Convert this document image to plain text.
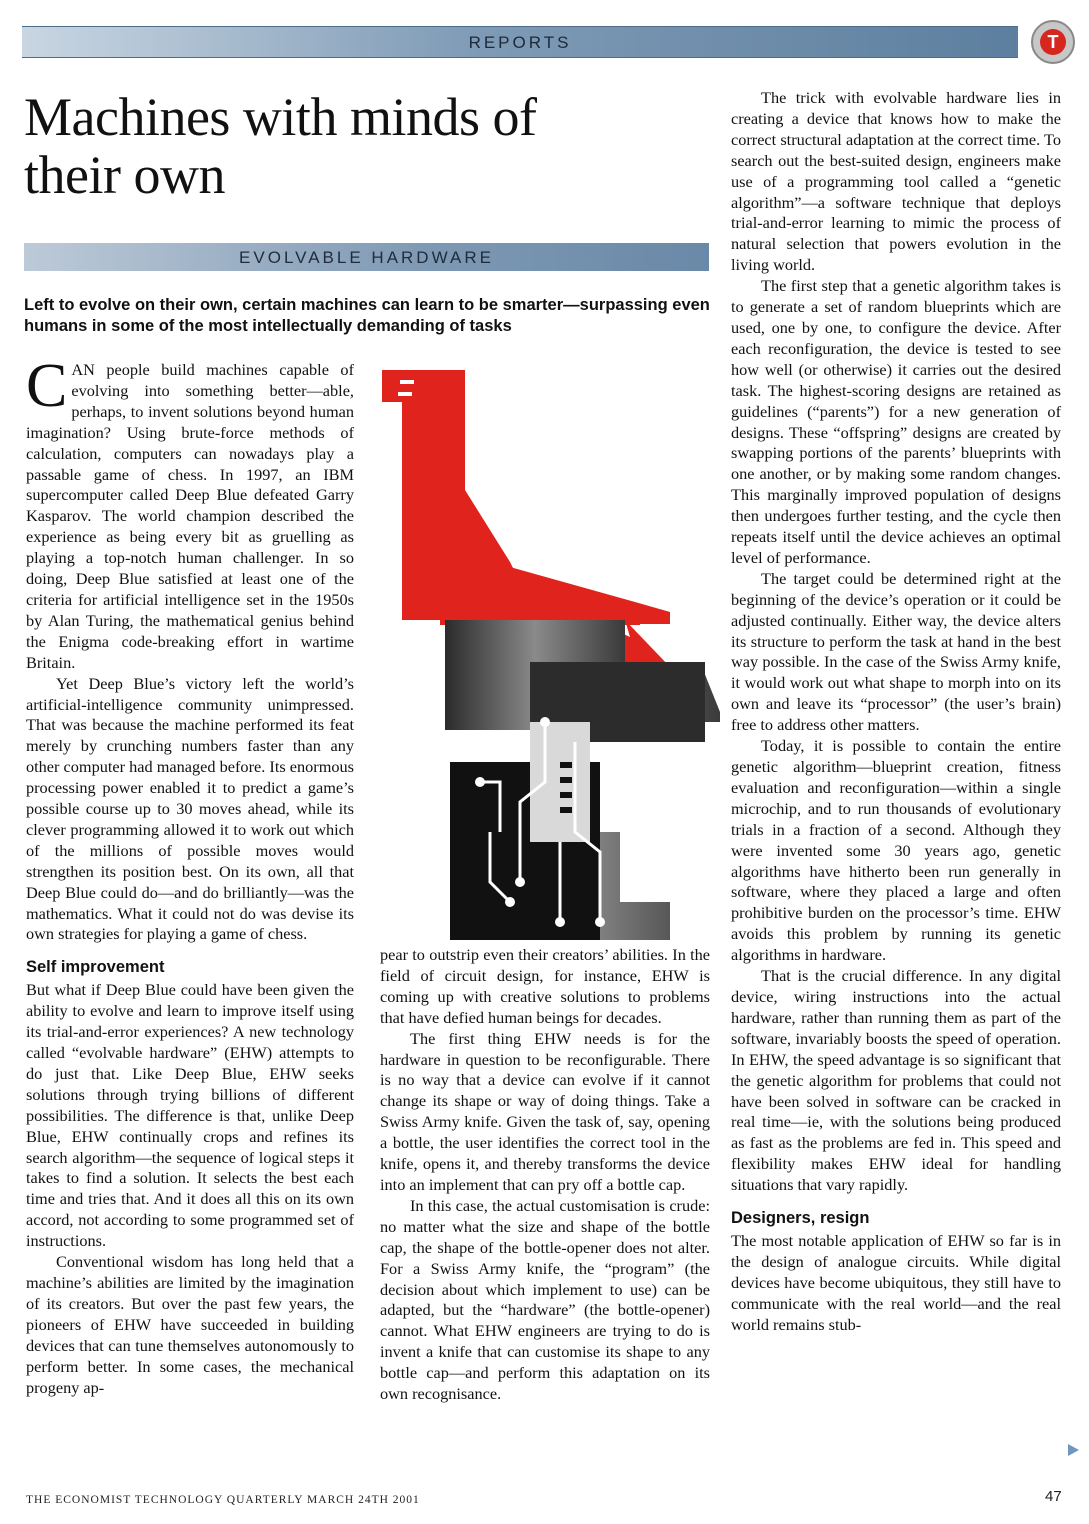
REPORTS	T
Machines with minds of their own
EVOLVABLE HARDWARE

Left to evolve on their own, certain machines can learn to be smarter—surpassing even humans in some of the most intellectually demanding of tasks

CAN people build machines capable of evolving into something better—able, perhaps, to invent solutions beyond human imagination? Using brute-force methods of calculation, computers can nowadays play a passable game of chess. In 1997, an IBM supercomputer called Deep Blue defeated Garry Kasparov. The world champion described the experience as being every bit as gruelling as playing a top-notch human challenger. In so doing, Deep Blue satisfied at least one of the criteria for artificial intelligence set in the 1950s by Alan Turing, the mathematical genius behind the Enigma code-breaking effort in wartime Britain.

Yet Deep Blue’s victory left the world’s artificial-intelligence community unimpressed. That was because the machine performed its feat merely by crunching numbers faster than any other computer had managed before. Its enormous processing power enabled it to predict a game’s possible course up to 30 moves ahead, while its clever programming allowed it to work out which of the millions of possible moves would strengthen its position best. On its own, all that Deep Blue could do—and do brilliantly—was the mathematics. What it could not do was devise its own strategies for playing a game of chess.

Self improvement

But what if Deep Blue could have been given the ability to evolve and learn to improve itself using its trial-and-error experiences? A new technology called “evolvable hardware” (EHW) attempts to do just that. Like Deep Blue, EHW seeks solutions through trying billions of different possibilities. The difference is that, unlike Deep Blue, EHW continually crops and refines its search algorithm—the sequence of logical steps it takes to find a solution. It selects the best each time and tries that. And it does all this on its own accord, not according to some programmed set of instructions.

Conventional wisdom has long held that a machine’s abilities are limited by the imagination of its creators. But over the past few years, the pioneers of EHW have succeeded in building devices that can tune themselves autonomously to perform better. In some cases, the mechanical progeny ap-

pear to outstrip even their creators’ abilities. In the field of circuit design, for instance, EHW is coming up with creative solutions to problems that have defied human beings for decades.

The first thing EHW needs is for the hardware in question to be reconfigurable. There is no way that a device can evolve if it cannot change its shape or way of doing things. Take a Swiss Army knife. Given the task of, say, opening a bottle, the user identifies the correct tool in the knife, opens it, and thereby transforms the device into an implement that can pry off a bottle cap.

In this case, the actual customisation is crude: no matter what the size and shape of the bottle cap, the shape of the bottle-opener does not alter. For a Swiss Army knife, the “program” (the decision about which implement to use) can be adapted, but the “hardware” (the bottle-opener) cannot. What EHW engineers are trying to do is invent a knife that can customise its shape to any bottle cap—and perform this adaptation on its own recognisance.

The trick with evolvable hardware lies in creating a device that knows how to make the correct structural adaptation at the correct time. To search out the best-suited design, engineers make use of a programming tool called a “genetic algorithm”—a software technique that deploys trial-and-error learning to mimic the process of natural selection that powers evolution in the living world.

The first step that a genetic algorithm takes is to generate a set of random blueprints which are used, one by one, to configure the device. After each reconfiguration, the device is tested to see how well (or otherwise) it carries out the desired task. The highest-scoring designs are retained as guidelines (“parents”) for a new generation of designs. These “offspring” designs are created by swapping portions of the parents’ blueprints with one another, or by making some random changes. This marginally improved population of designs then undergoes further testing, and the cycle then repeats itself until the device achieves an optimal level of performance.

The target could be determined right at the beginning of the device’s operation or it could be adjusted continually. Either way, the device alters its structure to perform the task at hand in the best way possible. In the case of the Swiss Army knife, it would work out what shape to morph into on its own and leave its “processor” (the user’s brain) free to address other matters.

Today, it is possible to contain the entire genetic algorithm—blueprint creation, fitness evaluation and reconfiguration—within a single microchip, and to run thousands of evolutionary trials in a fraction of a second. Although they were invented some 30 years ago, genetic algorithms have hitherto been run generally in software, where they placed a large and often prohibitive burden on the processor’s time. EHW avoids this problem by running its genetic algorithms in hardware.

That is the crucial difference. In any digital device, wiring instructions into the actual hardware, rather than running them as part of the software, invariably boosts the speed of operation. In EHW, the speed advantage is so significant that the genetic algorithm for problems that could not have been solved in software can be cracked in real time—ie, with the solutions being produced as fast as the problems are fed in. This speed and flexibility makes EHW ideal for handling situations that vary rapidly.

Designers, resign

The most notable application of EHW so far is in the design of analogue circuits. While digital devices have become ubiquitous, they still have to communicate with the real world—and the real world remains stub-

THE ECONOMIST TECHNOLOGY QUARTERLY MARCH 24TH 2001	47
